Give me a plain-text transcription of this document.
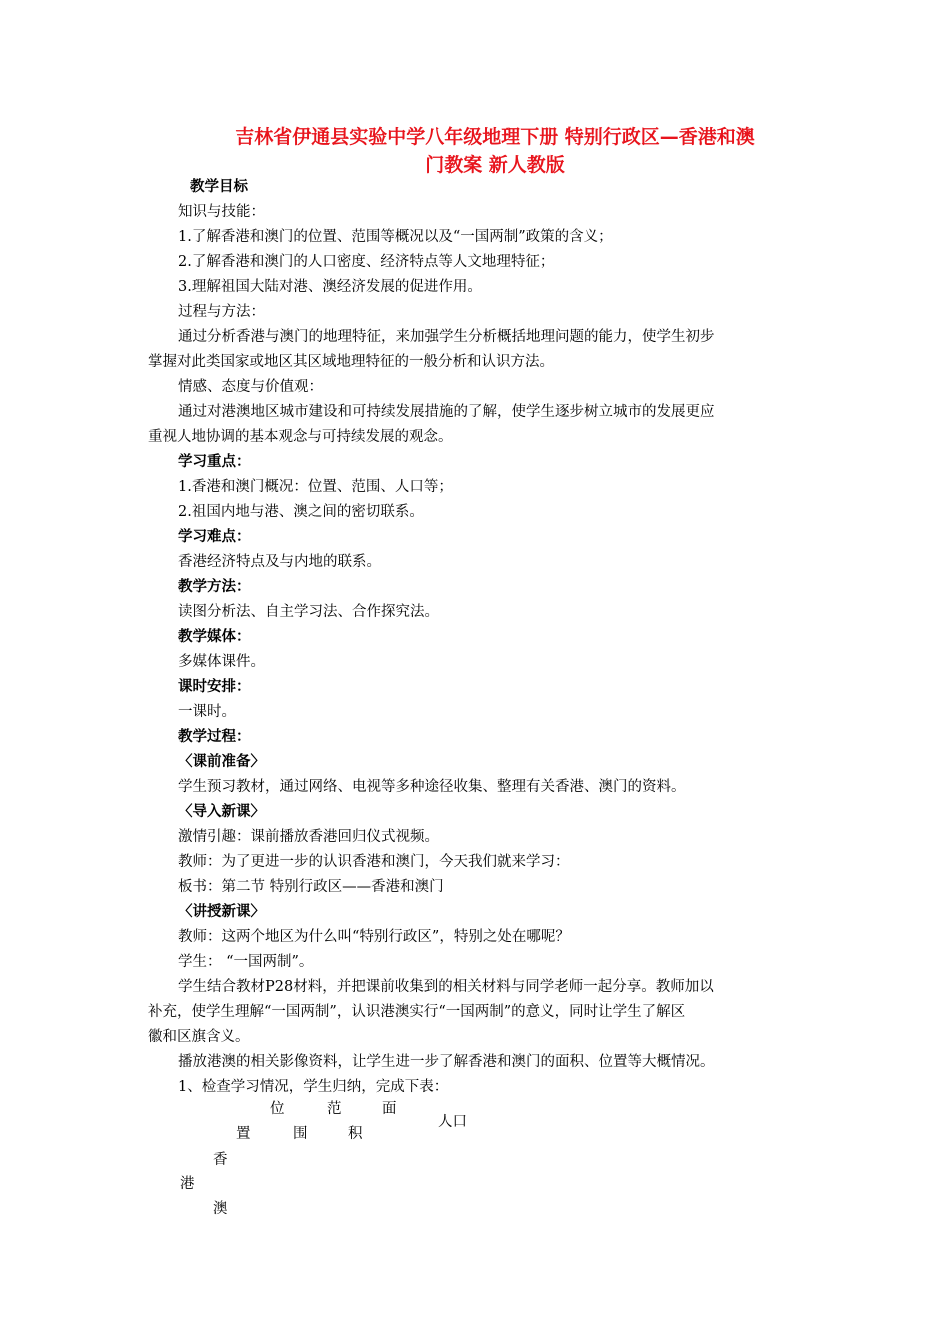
吉林省伊通县实验中学八年级地理下册 特别行政区—香港和澳
门教案 新人教版
教学目标
知识与技能：
1.了解香港和澳门的位置、范围等概况以及“一国两制”政策的含义；
2.了解香港和澳门的人口密度、经济特点等人文地理特征；
3.理解祖国大陆对港、澳经济发展的促进作用。
过程与方法：
通过分析香港与澳门的地理特征，来加强学生分析概括地理问题的能力，使学生初步
掌握对此类国家或地区其区域地理特征的一般分析和认识方法。
情感、态度与价值观：
通过对港澳地区城市建设和可持续发展措施的了解，使学生逐步树立城市的发展更应
重视人地协调的基本观念与可持续发展的观念。
学习重点：
1.香港和澳门概况：位置、范围、人口等；
2.祖国内地与港、澳之间的密切联系。
学习难点：
香港经济特点及与内地的联系。
教学方法：
读图分析法、自主学习法、合作探究法。
教学媒体：
多媒体课件。
课时安排：
一课时。
教学过程：
〈课前准备〉
学生预习教材，通过网络、电视等多种途径收集、整理有关香港、澳门的资料。
〈导入新课〉
激情引趣：课前播放香港回归仪式视频。
教师：为了更进一步的认识香港和澳门，今天我们就来学习：
板书：第二节 特别行政区——香港和澳门
〈讲授新课〉
教师：这两个地区为什么叫“特别行政区”，特别之处在哪呢？
学生： “一国两制”。
学生结合教材P28材料，并把课前收集到的相关材料与同学老师一起分享。教师加以
补充，使学生理解“一国两制”，认识港澳实行“一国两制”的意义，同时让学生了解区
徽和区旗含义。
播放港澳的相关影像资料，让学生进一步了解香港和澳门的面积、位置等大概情况。
1、检查学习情况，学生归纳，完成下表：
位
置
范
围
面
积
人口
香
港
澳
